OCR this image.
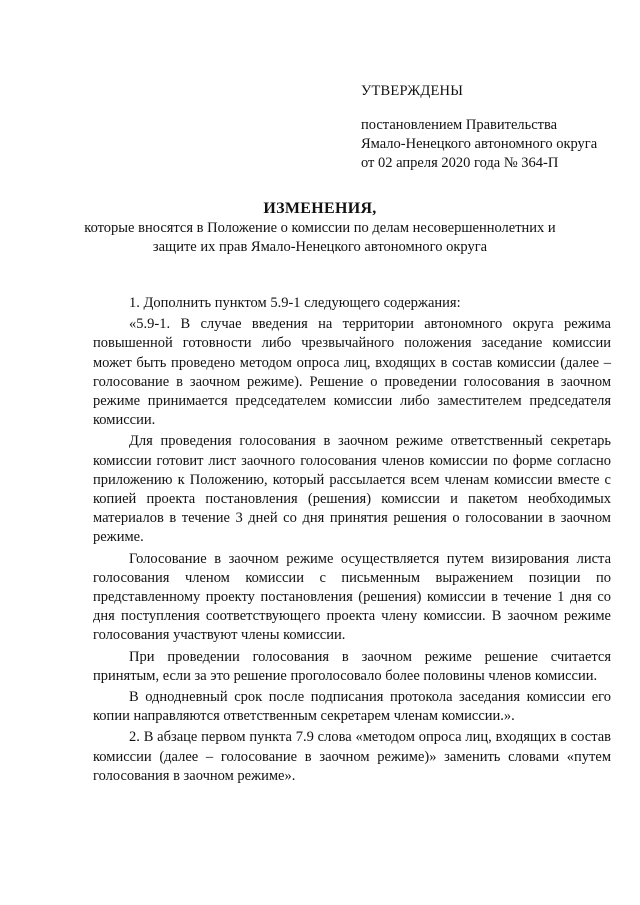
УТВЕРЖДЕНЫ
постановлением Правительства
Ямало-Ненецкого автономного округа
от 02 апреля 2020 года № 364-П
ИЗМЕНЕНИЯ,
которые вносятся в Положение о комиссии по делам несовершеннолетних и
защите их прав Ямало-Ненецкого автономного округа

1. Дополнить пунктом 5.9-1 следующего содержания:

«5.9-1. В случае введения на территории автономного округа режима повышенной готовности либо чрезвычайного положения заседание комиссии может быть проведено методом опроса лиц, входящих в состав комиссии (далее – голосование в заочном режиме). Решение о проведении голосования в заочном режиме принимается председателем комиссии либо заместителем председателя комиссии.

Для проведения голосования в заочном режиме ответственный секретарь комиссии готовит лист заочного голосования членов комиссии по форме согласно приложению к Положению, который рассылается всем членам комиссии вместе с копией проекта постановления (решения) комиссии и пакетом необходимых материалов в течение 3 дней со дня принятия решения о голосовании в заочном режиме.

Голосование в заочном режиме осуществляется путем визирования листа голосования членом комиссии с письменным выражением позиции по представленному проекту постановления (решения) комиссии в течение 1 дня со дня поступления соответствующего проекта члену комиссии. В заочном режиме голосования участвуют члены комиссии.

При проведении голосования в заочном режиме решение считается принятым, если за это решение проголосовало более половины членов комиссии.

В однодневный срок после подписания протокола заседания комиссии его копии направляются ответственным секретарем членам комиссии.».

2. В абзаце первом пункта 7.9 слова «методом опроса лиц, входящих в состав комиссии (далее – голосование в заочном режиме)» заменить словами «путем голосования в заочном режиме».
